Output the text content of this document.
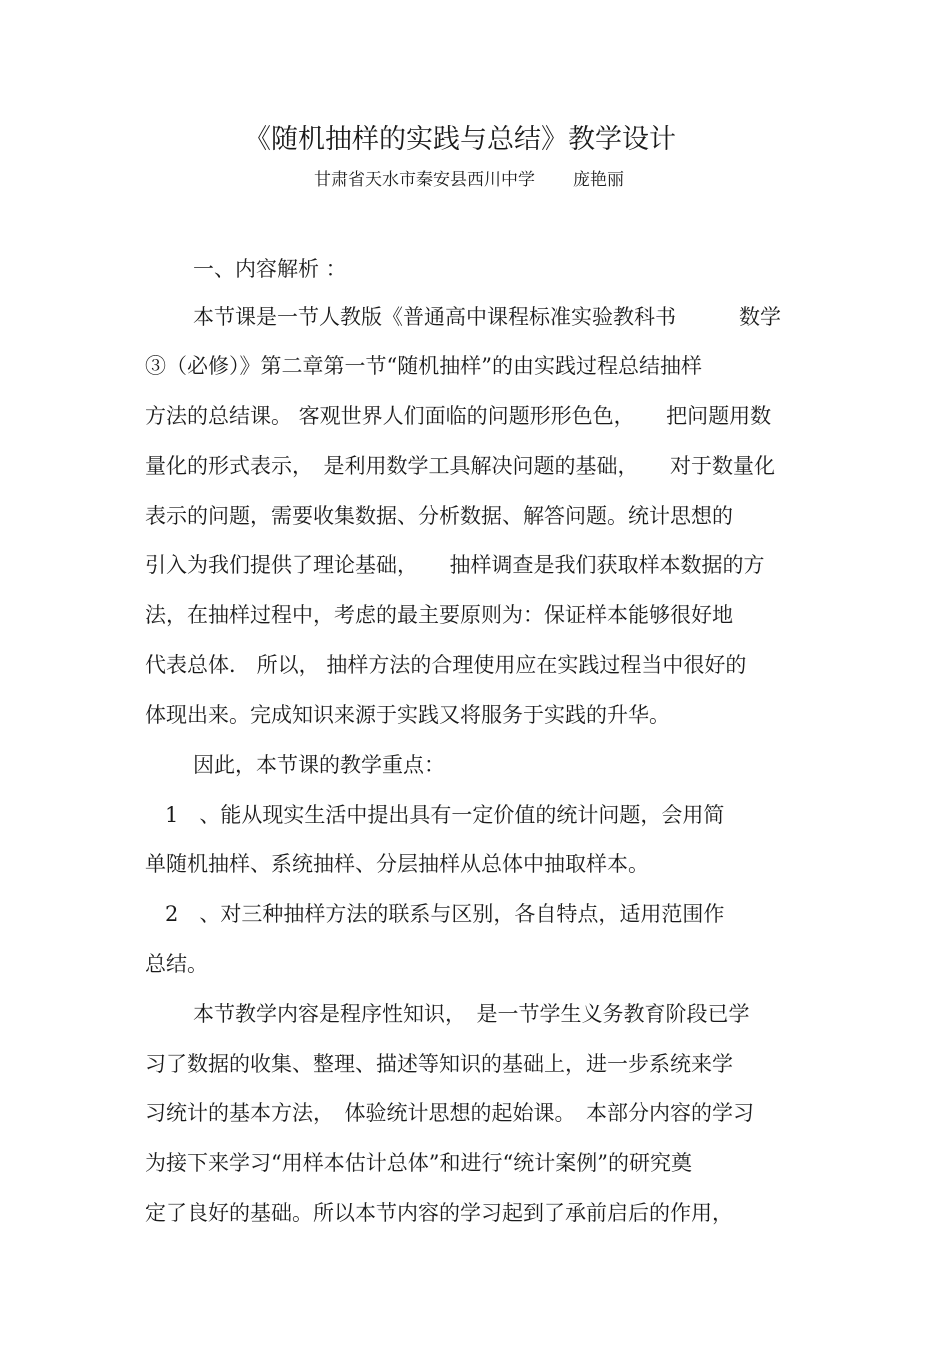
《随机抽样的实践与总结》教学设计
甘肃省天水市秦安县西川中学 庞艳丽
一、内容解析 ：
本节课是一节人教版《普通高中课程标准实验教科书　　　数学
③（必修）》第二章第一节“随机抽样”的由实践过程总结抽样
方法的总结课。 客观世界人们面临的问题形形色色，　　把问题用数
量化的形式表示，　是利用数学工具解决问题的基础，　　对于数量化
表示的问题，需要收集数据、分析数据、解答问题。统计思想的
引入为我们提供了理论基础，　　抽样调查是我们获取样本数据的方
法，在抽样过程中，考虑的最主要原则为：保证样本能够很好地
代表总体． 所以， 抽样方法的合理使用应在实践过程当中很好的
体现出来。完成知识来源于实践又将服务于实践的升华。
因此，本节课的教学重点：
1　、能从现实生活中提出具有一定价值的统计问题，会用简
单随机抽样、系统抽样、分层抽样从总体中抽取样本。
2　、对三种抽样方法的联系与区别，各自特点，适用范围作
总结。
本节教学内容是程序性知识，　是一节学生义务教育阶段已学
习了数据的收集、整理、描述等知识的基础上，进一步系统来学
习统计的基本方法，　体验统计思想的起始课。　本部分内容的学习
为接下来学习“用样本估计总体”和进行“统计案例”的研究奠
定了良好的基础。所以本节内容的学习起到了承前启后的作用，
